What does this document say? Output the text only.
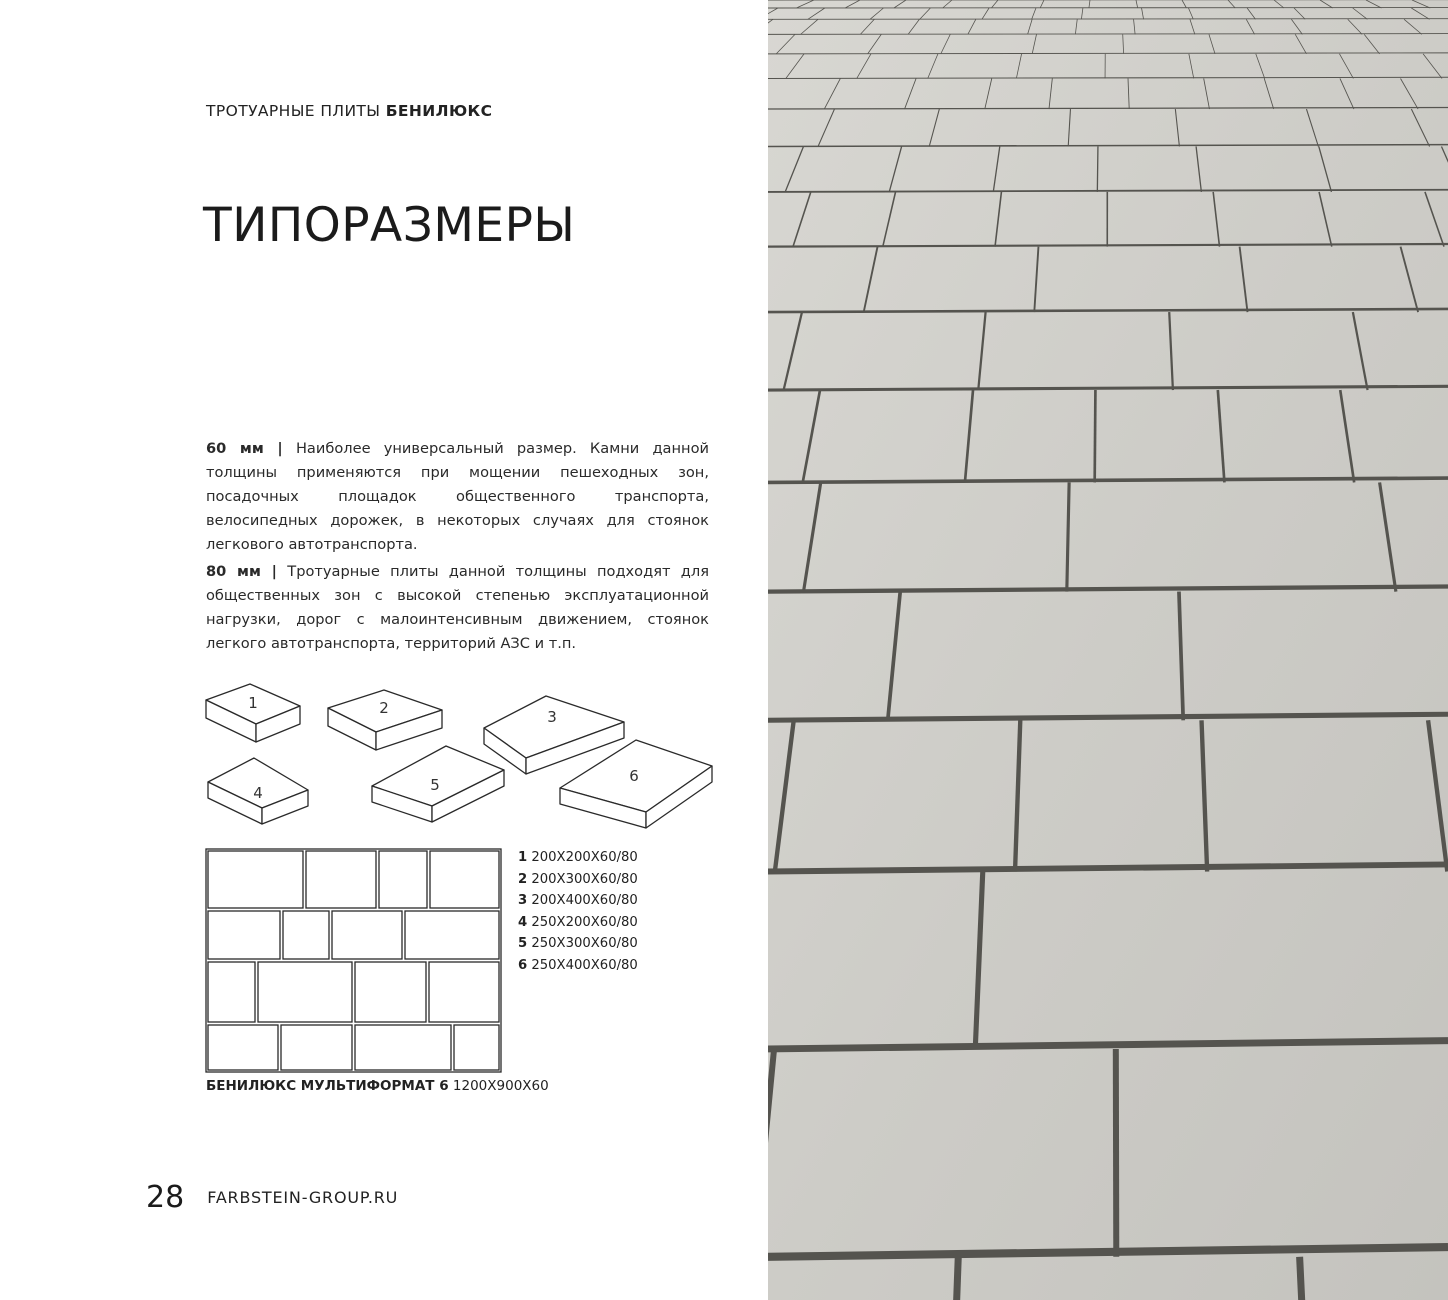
ТРОТУАРНЫЕ ПЛИТЫ БЕНИЛЮКС
ТИПОРАЗМЕРЫ

60 мм | Наиболее универсальный размер. Камни данной толщины применяются при мощении пешеходных зон, посадочных площадок общественного транспорта, велосипедных дорожек, в некоторых случаях для стоянок легкового автотранспорта.

80 мм | Тротуарные плиты данной толщины подходят для общественных зон с высокой степенью эксплуатационной нагрузки, дорог с малоинтенсивным движением, стоянок легкого автотранспорта, территорий АЗС и т.п.

1	2	3
4	5	6
1 200Х200Х60/80
2 200Х300Х60/80
3 200Х400Х60/80
4 250Х200Х60/80
5 250Х300Х60/80
6 250Х400Х60/80
БЕНИЛЮКС МУЛЬТИФОРМАТ 6 1200Х900Х60
28 FARBSTEIN-GROUP.RU
